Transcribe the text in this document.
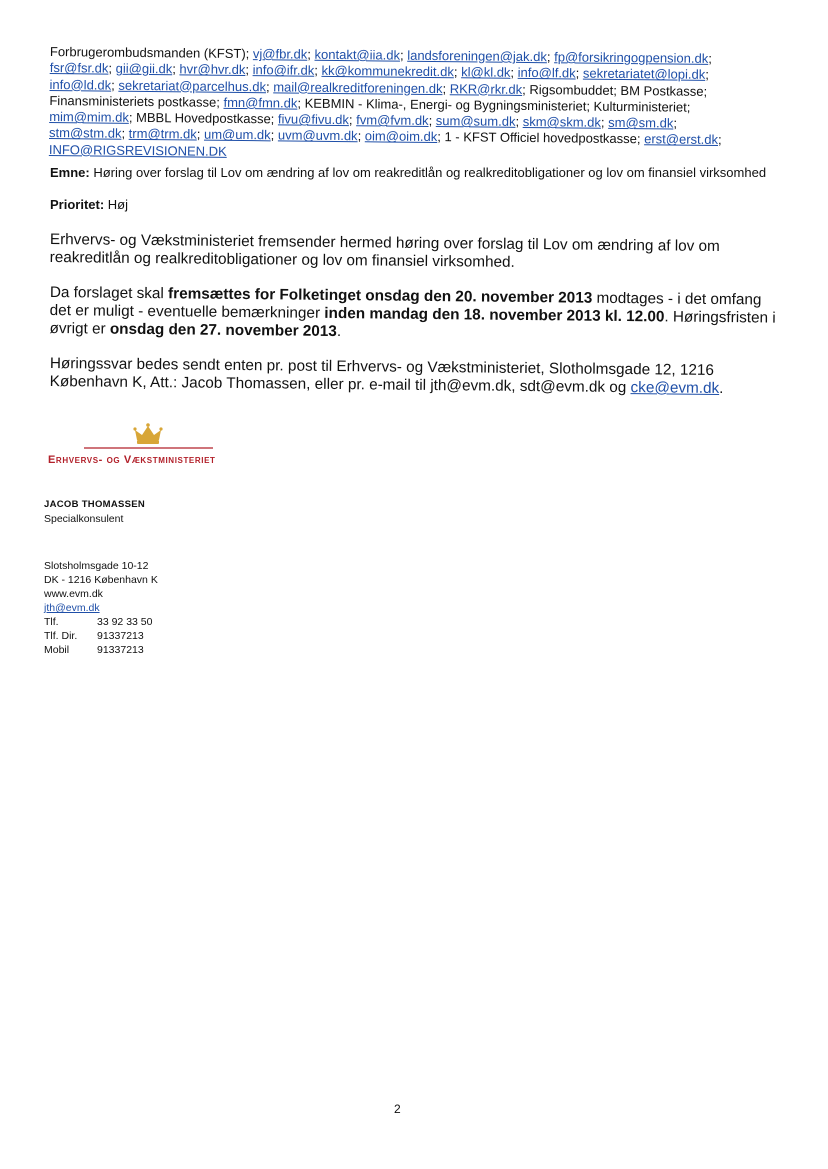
Forbrugerombudsmanden (KFST); vj@fbr.dk; kontakt@iia.dk; landsforeningen@jak.dk; fp@forsikringogpension.dk;
fsr@fsr.dk; gii@gii.dk; hvr@hvr.dk; info@ifr.dk; kk@kommunekredit.dk; kl@kl.dk; info@lf.dk; sekretariatet@lopi.dk;
info@ld.dk; sekretariat@parcelhus.dk; mail@realkreditforeningen.dk; RKR@rkr.dk; Rigsombuddet; BM Postkasse;
Finansministeriets postkasse; fmn@fmn.dk; KEBMIN - Klima-, Energi- og Bygningsministeriet; Kulturministeriet;
mim@mim.dk; MBBL Hovedpostkasse; fivu@fivu.dk; fvm@fvm.dk; sum@sum.dk; skm@skm.dk; sm@sm.dk;
stm@stm.dk; trm@trm.dk; um@um.dk; uvm@uvm.dk; oim@oim.dk; 1 - KFST Officiel hovedpostkasse; erst@erst.dk;
INFO@RIGSREVISIONEN.DK
Emne: Høring over forslag til Lov om ændring af lov om reakreditlån og realkreditobligationer og lov om finansiel virksomhed
Prioritet: Høj
Erhvervs- og Vækstministeriet fremsender hermed høring over forslag til Lov om ændring af lov om reakreditlån og realkreditobligationer og lov om finansiel virksomhed.
Da forslaget skal fremsættes for Folketinget onsdag den 20. november 2013 modtages - i det omfang det er muligt - eventuelle bemærkninger inden mandag den 18. november 2013 kl. 12.00. Høringsfristen i øvrigt er onsdag den 27. november 2013.
Høringssvar bedes sendt enten pr. post til Erhvervs- og Vækstministeriet, Slotholmsgade 12, 1216 København K, Att.: Jacob Thomassen, eller pr. e-mail til jth@evm.dk, sdt@evm.dk og cke@evm.dk.
Erhvervs- og Vækstministeriet
JACOB THOMASSEN
Specialkonsulent
Slotsholmsgade 10-12
DK - 1216 København K
www.evm.dk
jth@evm.dk
Tlf.	33 92 33 50
Tlf. Dir.	91337213
Mobil	91337213
2
